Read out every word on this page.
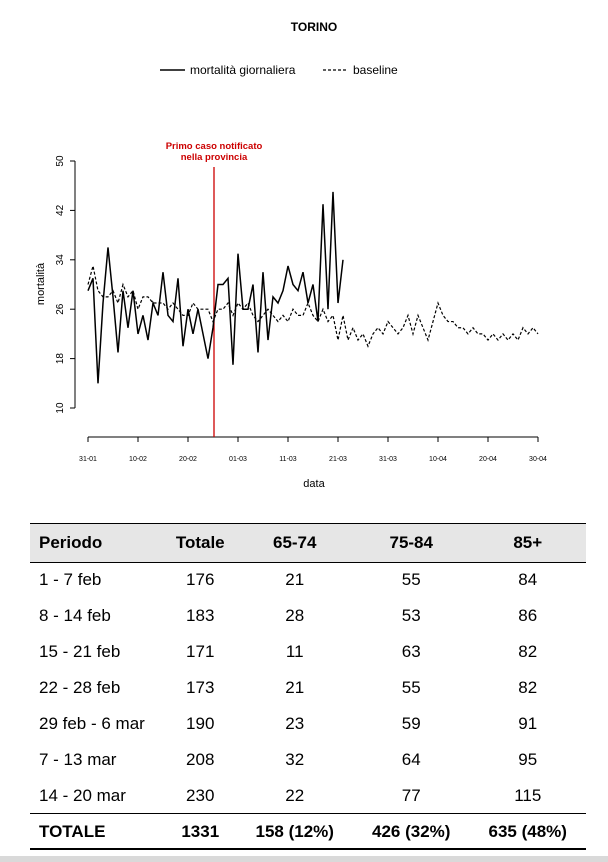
TORINO
mortalità giornaliera	baseline
10
18
26
34
42
50
mortalità
31-01	10-02	20-02	01-03	11-03	21-03	31-03	10-04	20-04	30-04
data
Primo caso notificato
nella provincia
Periodo	Totale	65-74	75-84	85+
1 - 7 feb	176	21	55	84
8 - 14 feb	183	28	53	86
15 - 21 feb	171	11	63	82
22 - 28 feb	173	21	55	82
29 feb - 6 mar	190	23	59	91
7 - 13 mar	208	32	64	95
14 - 20 mar	230	22	77	115
TOTALE	1331	158 (12%)	426 (32%)	635 (48%)
